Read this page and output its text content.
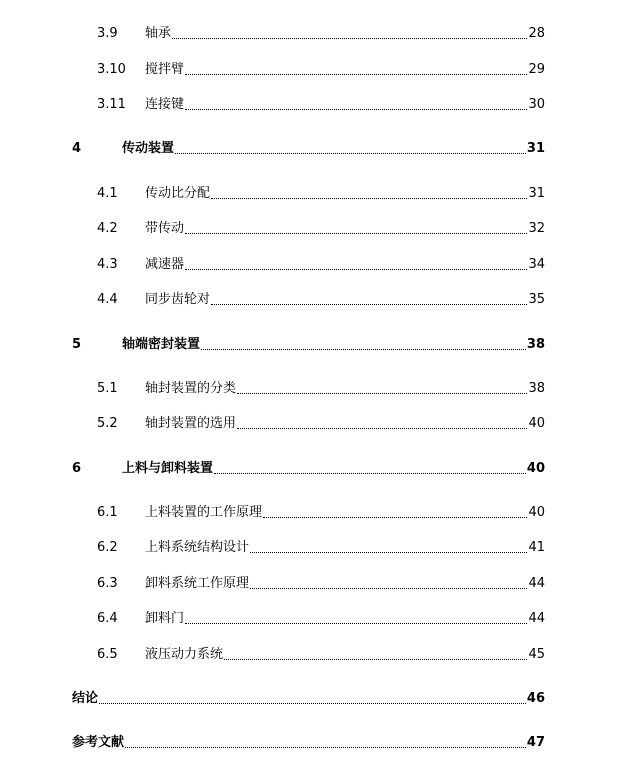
3.9	轴承	28
3.10	搅拌臂	29
3.11	连接键	30
4	传动装置	31
4.1	传动比分配	31
4.2	带传动	32
4.3	减速器	34
4.4	同步齿轮对	35
5	轴端密封装置	38
5.1	轴封装置的分类	38
5.2	轴封装置的选用	40
6	上料与卸料装置	40
6.1	上料装置的工作原理	40
6.2	上料系统结构设计	41
6.3	卸料系统工作原理	44
6.4	卸料门	44
6.5	液压动力系统	45
结论	46
参考文献	47
